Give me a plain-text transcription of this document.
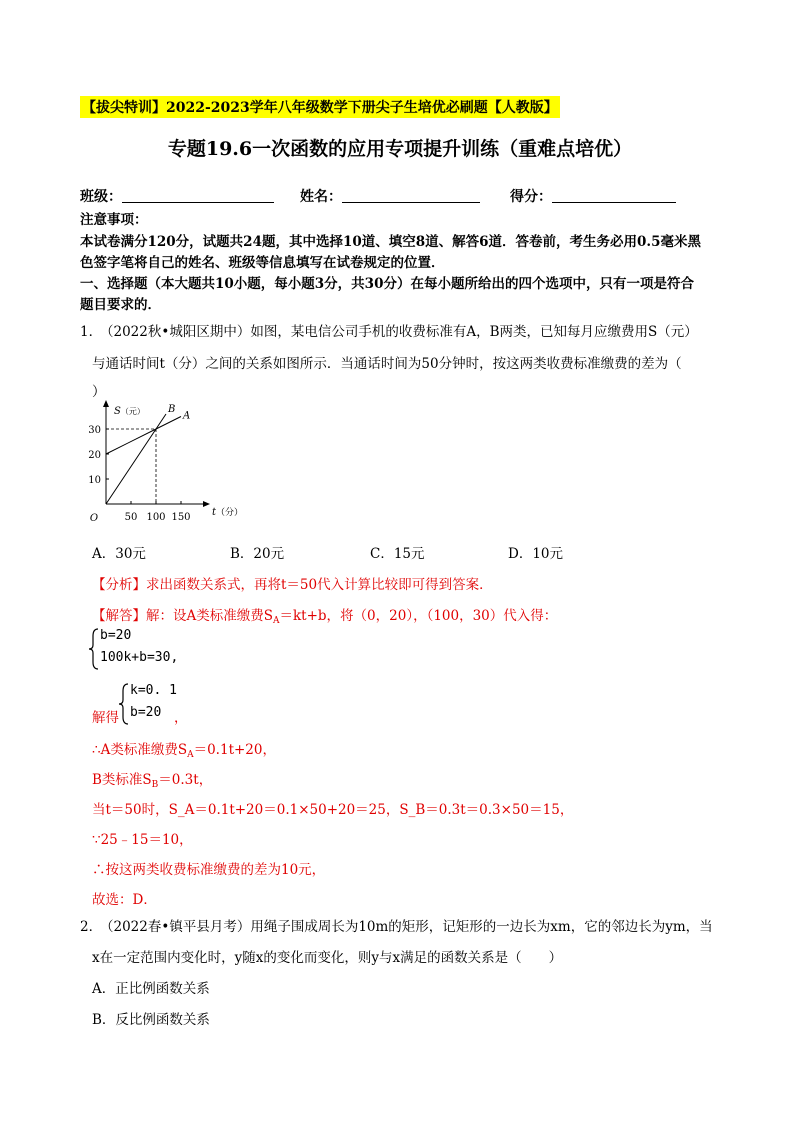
【拔尖特训】2022-2023学年八年级数学下册尖子生培优必刷题【人教版】
专题19.6一次函数的应用专项提升训练（重难点培优）
班级：	姓名：	得分：
注意事项：
本试卷满分120分，试题共24题，其中选择10道、填空8道、解答6道．答卷前，考生务必用0.5毫米黑
色签字笔将自己的姓名、班级等信息填写在试卷规定的位置．
一、选择题（本大题共10小题，每小题3分，共30分）在每小题所给出的四个选项中，只有一项是符合
题目要求的．
1．
（2022秋•城阳区期中）如图，某电信公司手机的收费标准有A，B两类，已知每月应缴费用S（元）
与通话时间t（分）之间的关系如图所示．当通话时间为50分钟时，按这两类收费标准缴费的差为（
）
50 100 150
10
20
30
O
t（分）
S（元）	A
B
A．30元	B．20元	C．15元	D．10元
【分析】求出函数关系式，再将t＝50代入计算比较即可得到答案．
【解答】解：设A类标准缴费$S_A=kt+b$，将（0，20），（100，30）代入得：
b=20
100k+b=30,
解得
k=0. 1
b=20 ，
∴A类标准缴费$S_A=0.1t+20$，
B类标准$S_B=0.3t$，
当t＝50时，S_A＝0.1t+20＝0.1×50+20＝25，S_B＝0.3t＝0.3×50＝15，
∵25﹣15＝10，
∴按这两类收费标准缴费的差为10元，
故选：D．
2．
（2022春•镇平县月考）用绳子围成周长为10m的矩形，记矩形的一边长为xm，它的邻边长为ym，当
x在一定范围内变化时，y随x的变化而变化，则y与x满足的函数关系是（　　）
A．正比例函数关系
B．反比例函数关系
